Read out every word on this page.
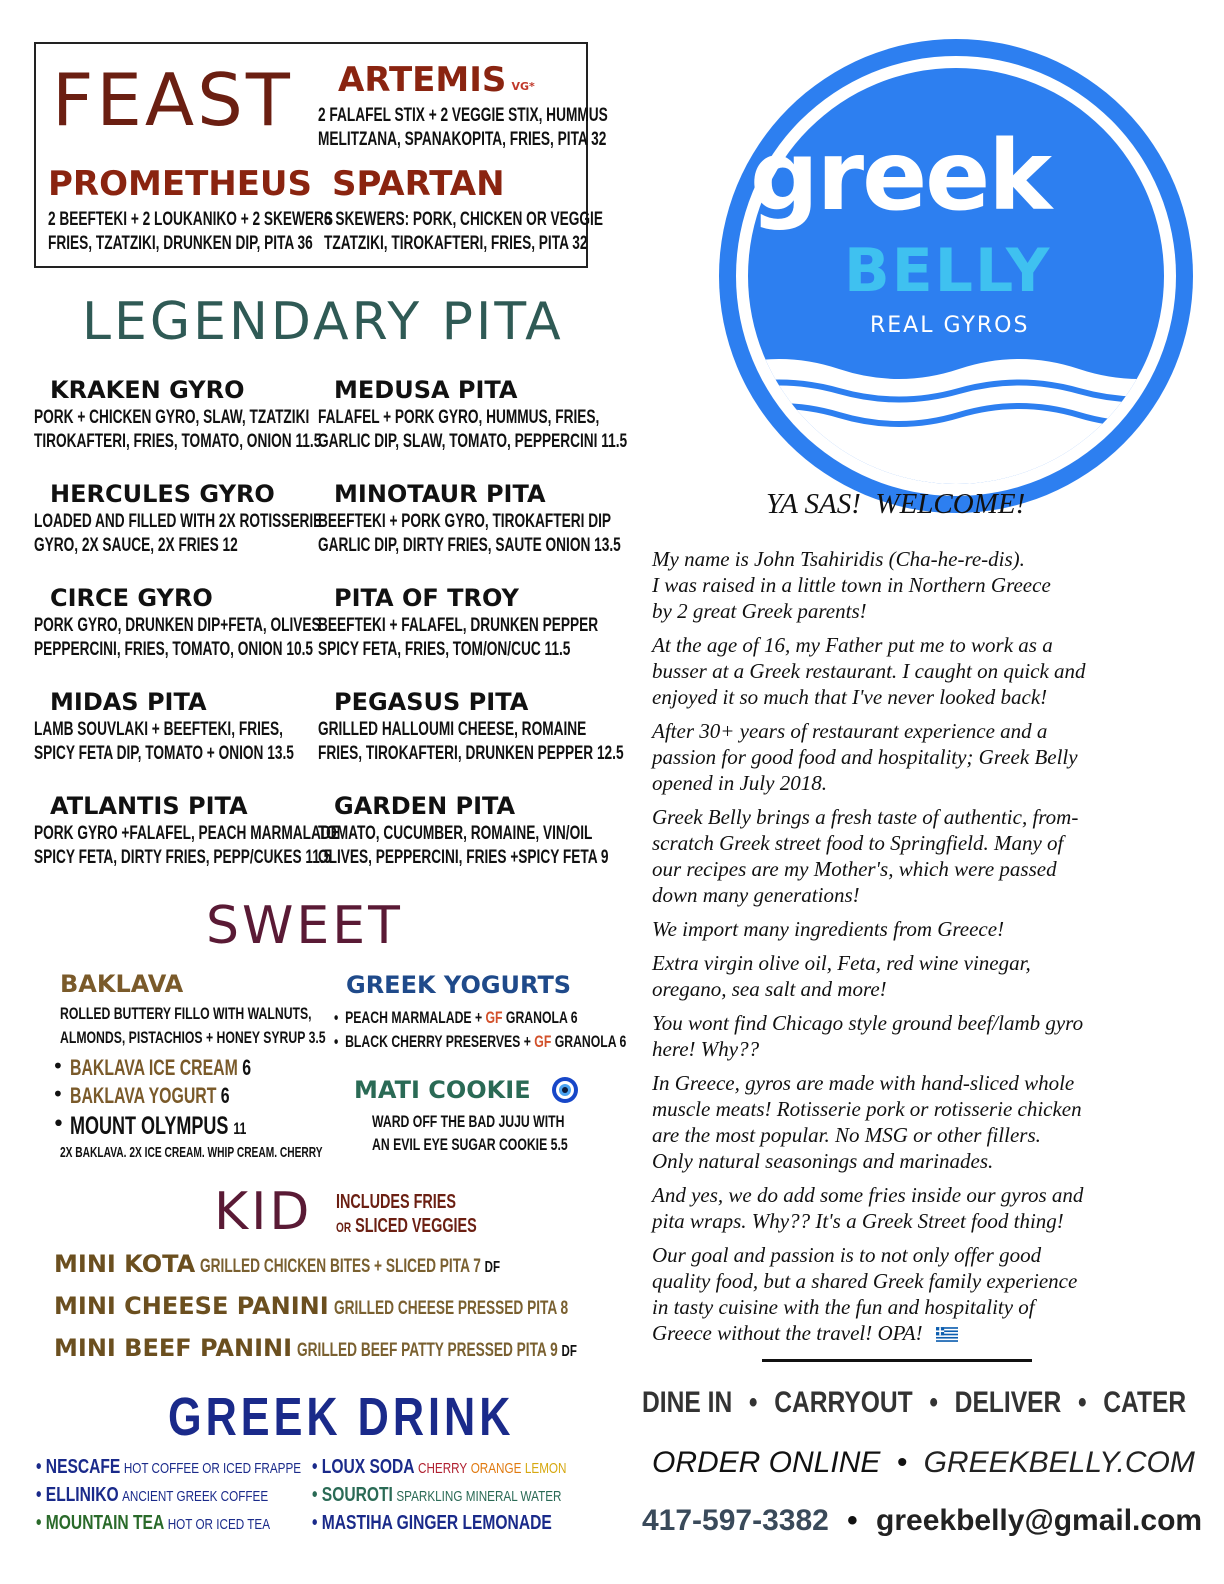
FEAST ARTEMIS VG*
2 FALAFEL STIX + 2 VEGGIE STIX, HUMMUS
MELITZANA, SPANAKOPITA, FRIES, PITA 32
PROMETHEUS
2 BEEFTEKI + 2 LOUKANIKO + 2 SKEWERS
FRIES, TZATZIKI, DRUNKEN DIP, PITA 36
SPARTAN
6 SKEWERS: PORK, CHICKEN OR VEGGIE
TZATZIKI, TIROKAFTERI, FRIES, PITA 32
LEGENDARY PITA
KRAKEN GYRO
PORK + CHICKEN GYRO, SLAW, TZATZIKI
TIROKAFTERI, FRIES, TOMATO, ONION 11.5
MEDUSA PITA
FALAFEL + PORK GYRO, HUMMUS, FRIES,
GARLIC DIP, SLAW, TOMATO, PEPPERCINI 11.5
HERCULES GYRO
LOADED AND FILLED WITH 2X ROTISSERIE
GYRO, 2X SAUCE, 2X FRIES 12
MINOTAUR PITA
BEEFTEKI + PORK GYRO, TIROKAFTERI DIP
GARLIC DIP, DIRTY FRIES, SAUTE ONION 13.5
CIRCE GYRO
PORK GYRO, DRUNKEN DIP+FETA, OLIVES
PEPPERCINI, FRIES, TOMATO, ONION 10.5
PITA OF TROY
BEEFTEKI + FALAFEL, DRUNKEN PEPPER
SPICY FETA, FRIES, TOM/ON/CUC 11.5
MIDAS PITA
LAMB SOUVLAKI + BEEFTEKI, FRIES,
SPICY FETA DIP, TOMATO + ONION 13.5
PEGASUS PITA
GRILLED HALLOUMI CHEESE, ROMAINE
FRIES, TIROKAFTERI, DRUNKEN PEPPER 12.5
ATLANTIS PITA
PORK GYRO +FALAFEL, PEACH MARMALADE
SPICY FETA, DIRTY FRIES, PEPP/CUKES 11.5
GARDEN PITA
TOMATO, CUCUMBER, ROMAINE, VIN/OIL
OLIVES, PEPPERCINI, FRIES +SPICY FETA 9
SWEET
BAKLAVA
ROLLED BUTTERY FILLO WITH WALNUTS,
ALMONDS, PISTACHIOS + HONEY SYRUP 3.5
• BAKLAVA ICE CREAM 6
• BAKLAVA YOGURT 6
• MOUNT OLYMPUS 11
2X BAKLAVA. 2X ICE CREAM. WHIP CREAM. CHERRY
GREEK YOGURTS
•  PEACH MARMALADE + GF GRANOLA 6
•  BLACK CHERRY PRESERVES + GF GRANOLA 6
MATI COOKIE
WARD OFF THE BAD JUJU WITH
AN EVIL EYE SUGAR COOKIE 5.5
KID INCLUDES FRIES
OR SLICED VEGGIES
MINI KOTA GRILLED CHICKEN BITES + SLICED PITA 7 DF
MINI CHEESE PANINI GRILLED CHEESE PRESSED PITA 8
MINI BEEF PANINI GRILLED BEEF PATTY PRESSED PITA 9 DF
GREEK DRINK
• NESCAFE HOT COFFEE OR ICED FRAPPE
• ELLINIKO ANCIENT GREEK COFFEE
• MOUNTAIN TEA HOT OR ICED TEA
• LOUX SODA CHERRY ORANGE LEMON
• SOUROTI SPARKLING MINERAL WATER
• MASTIHA GINGER LEMONADE
greek
BELLY
REAL GYROS
YA SAS!  WELCOME!

My name is John Tsahiridis (Cha-he-re-dis).
I was raised in a little town in Northern Greece
by 2 great Greek parents!

At the age of 16, my Father put me to work as a
busser at a Greek restaurant. I caught on quick and
enjoyed it so much that I've never looked back!

After 30+ years of restaurant experience and a
passion for good food and hospitality; Greek Belly
opened in July 2018.

Greek Belly brings a fresh taste of authentic, from-
scratch Greek street food to Springfield. Many of
our recipes are my Mother's, which were passed
down many generations!

We import many ingredients from Greece!

Extra virgin olive oil, Feta, red wine vinegar,
oregano, sea salt and more!

You wont find Chicago style ground beef/lamb gyro
here! Why??

In Greece, gyros are made with hand-sliced whole
muscle meats! Rotisserie pork or rotisserie chicken
are the most popular. No MSG or other fillers.
Only natural seasonings and marinades.

And yes, we do add some fries inside our gyros and
pita wraps. Why?? It's a Greek Street food thing!

Our goal and passion is to not only offer good
quality food, but a shared Greek family experience
in tasty cuisine with the fun and hospitality of
Greece without the travel! OPA!

DINE IN • CARRYOUT • DELIVER • CATER
ORDER ONLINE • GREEKBELLY.COM
417-597-3382 • greekbelly@gmail.com
